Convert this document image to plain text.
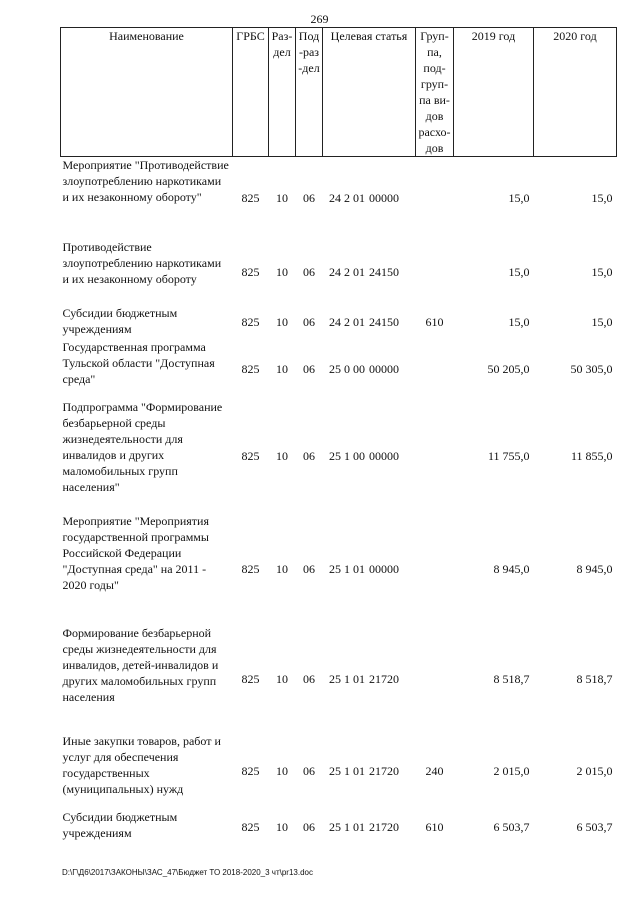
269
Наименование	ГРБС	Раз-дел	Под-раз-дел	Целевая статья	Груп-па, под-груп-па ви-дов расхо-дов	2019 год	2020 год
Мероприятие "Противодействие злоупотреблению наркотиками и их незаконному обороту"	825	10	06	24 2 01 00000		15,0	15,0
Противодействие злоупотреблению наркотиками и их незаконному обороту	825	10	06	24 2 01 24150		15,0	15,0
Субсидии бюджетным учреждениям	825	10	06	24 2 01 24150	610	15,0	15,0
Государственная программа Тульской области "Доступная среда"	825	10	06	25 0 00 00000		50 205,0	50 305,0
Подпрограмма "Формирование безбарьерной среды жизнедеятельности для инвалидов и других маломобильных групп населения"	825	10	06	25 1 00 00000		11 755,0	11 855,0
Мероприятие "Мероприятия государственной программы Российской Федерации "Доступная среда" на 2011 - 2020 годы"	825	10	06	25 1 01 00000		8 945,0	8 945,0
Формирование безбарьерной среды жизнедеятельности для инвалидов, детей-инвалидов и других маломобильных групп населения	825	10	06	25 1 01 21720		8 518,7	8 518,7
Иные закупки товаров, работ и услуг для обеспечения государственных (муниципальных) нужд	825	10	06	25 1 01 21720	240	2 015,0	2 015,0
Субсидии бюджетным учреждениям	825	10	06	25 1 01 21720	610	6 503,7	6 503,7
D:\Г\Д6\2017\ЗАКОНЫ\ЗАС_47\Бюджет ТО 2018-2020_3 чт\pr13.doc
